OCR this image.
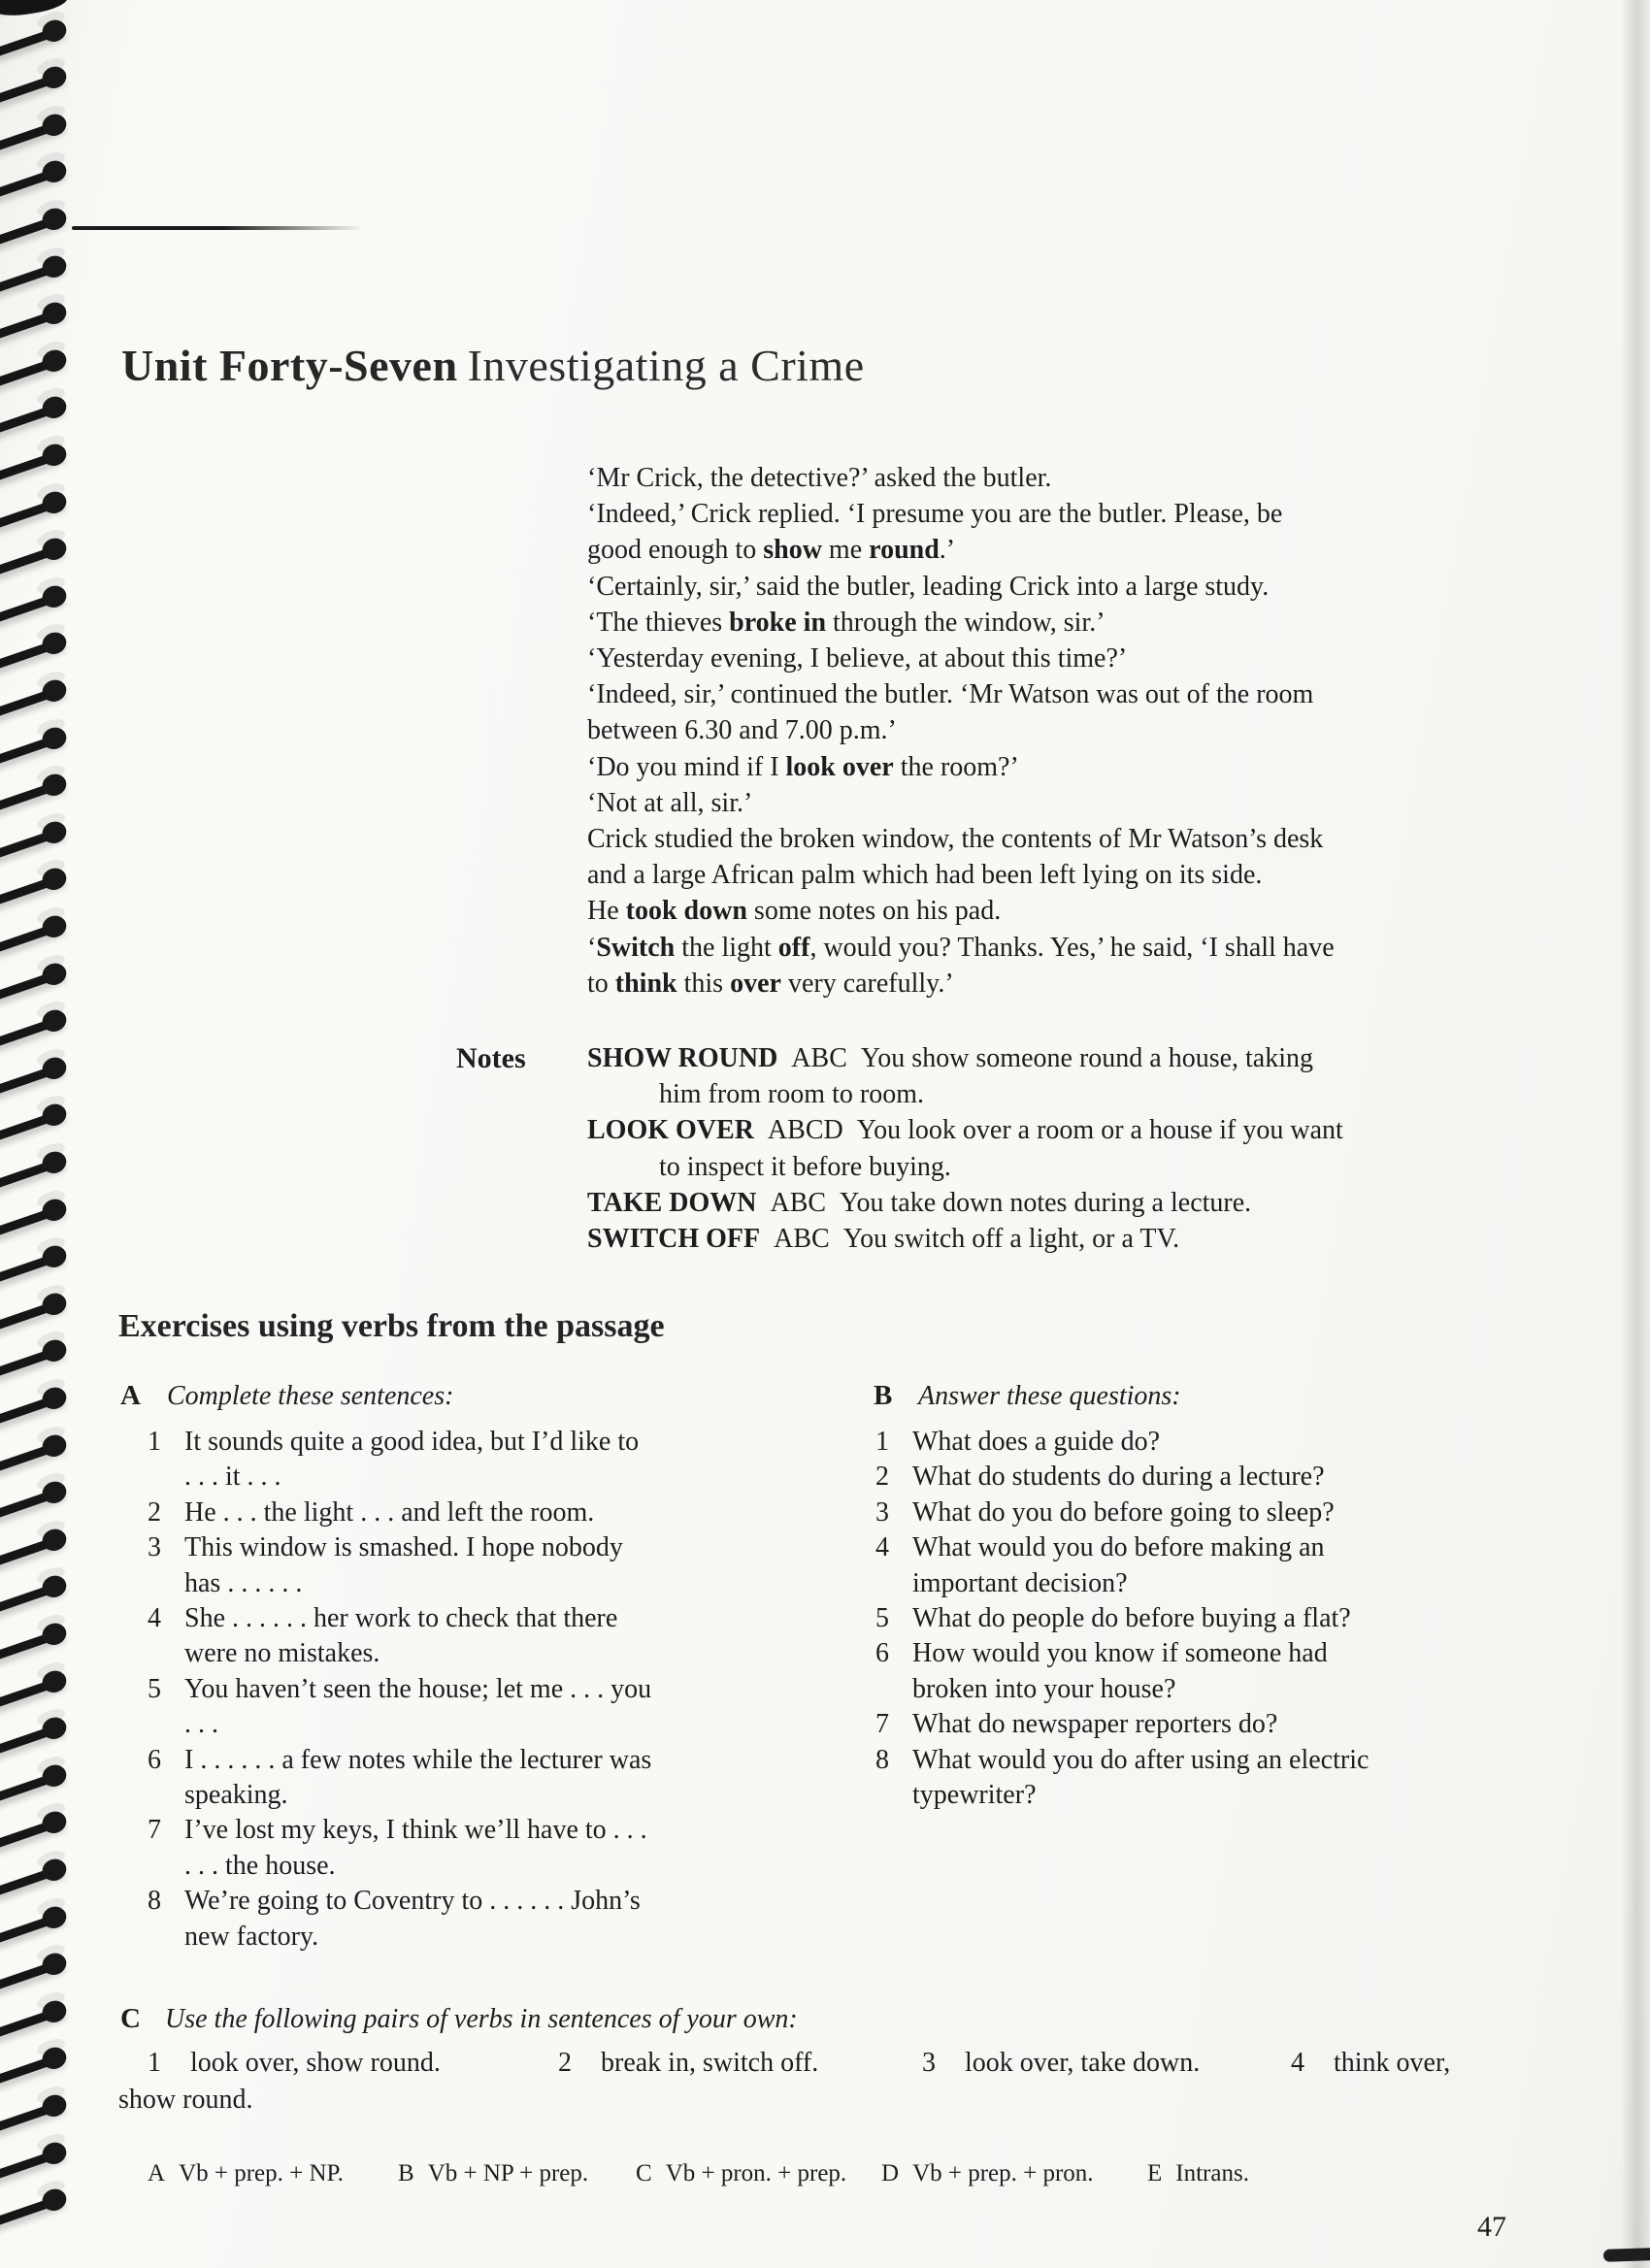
Unit Forty-Seven Investigating a Crime
‘Mr Crick, the detective?’ asked the butler.
‘Indeed,’ Crick replied. ‘I presume you are the butler. Please, be
good enough to show me round.’
‘Certainly, sir,’ said the butler, leading Crick into a large study.
‘The thieves broke in through the window, sir.’
‘Yesterday evening, I believe, at about this time?’
‘Indeed, sir,’ continued the butler. ‘Mr Watson was out of the room
between 6.30 and 7.00 p.m.’
‘Do you mind if I look over the room?’
‘Not at all, sir.’
Crick studied the broken window, the contents of Mr Watson’s desk
and a large African palm which had been left lying on its side.
He took down some notes on his pad.
‘Switch the light off, would you? Thanks. Yes,’ he said, ‘I shall have
to think this over very carefully.’
Notes SHOW ROUND  ABC  You show someone round a house, taking
him from room to room.
LOOK OVER  ABCD  You look over a room or a house if you want
to inspect it before buying.
TAKE DOWN  ABC  You take down notes during a lecture.
SWITCH OFF  ABC  You switch off a light, or a TV.
Exercises using verbs from the passage
A Complete these sentences:
1 It sounds quite a good idea, but I’d like to
. . . it . . .
2 He . . . the light . . . and left the room.
3 This window is smashed. I hope nobody
has . . . . . .
4 She . . . . . . her work to check that there
were no mistakes.
5 You haven’t seen the house; let me . . . you
. . .
6 I . . . . . . a few notes while the lecturer was
speaking.
7 I’ve lost my keys, I think we’ll have to . . .
. . . the house.
8 We’re going to Coventry to . . . . . . John’s
new factory.
B Answer these questions:
1 What does a guide do?
2 What do students do during a lecture?
3 What do you do before going to sleep?
4 What would you do before making an
important decision?
5 What do people do before buying a flat?
6 How would you know if someone had
broken into your house?
7 What do newspaper reporters do?
8 What would you do after using an electric
typewriter?
C Use the following pairs of verbs in sentences of your own:
1 look over, show round.	2 break in, switch off.	3 look over, take down.	4 think over,
show round.
A Vb + prep. + NP. B Vb + NP + prep. C Vb + pron. + prep. D Vb + prep. + pron. E Intrans.
47
